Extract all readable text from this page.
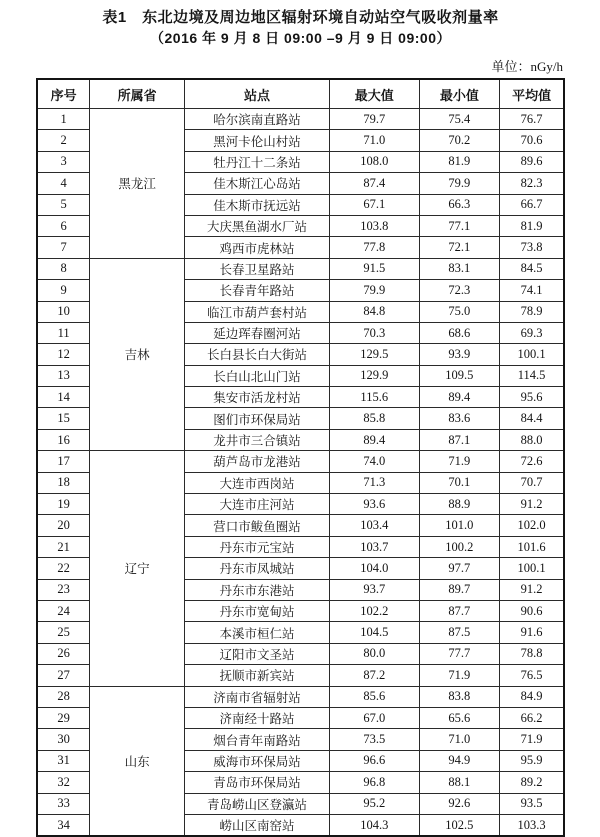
表1　东北边境及周边地区辐射环境自动站空气吸收剂量率
（2016 年 9 月 8 日 09:00 –9 月 9 日 09:00）
单位：nGy/h
序号	所属省	站点	最大值	最小值	平均值
1	黑龙江	哈尔滨南直路站	79.7	75.4	76.7
2		黑河卡伦山村站	71.0	70.2	70.6
3		牡丹江十二条站	108.0	81.9	89.6
4		佳木斯江心岛站	87.4	79.9	82.3
5		佳木斯市抚远站	67.1	66.3	66.7
6		大庆黑鱼湖水厂站	103.8	77.1	81.9
7		鸡西市虎林站	77.8	72.1	73.8
8	吉林	长春卫星路站	91.5	83.1	84.5
9		长春青年路站	79.9	72.3	74.1
10		临江市葫芦套村站	84.8	75.0	78.9
11		延边珲春圈河站	70.3	68.6	69.3
12		长白县长白大街站	129.5	93.9	100.1
13		长白山北山门站	129.9	109.5	114.5
14		集安市活龙村站	115.6	89.4	95.6
15		图们市环保局站	85.8	83.6	84.4
16		龙井市三合镇站	89.4	87.1	88.0
17	辽宁	葫芦岛市龙港站	74.0	71.9	72.6
18		大连市西岗站	71.3	70.1	70.7
19		大连市庄河站	93.6	88.9	91.2
20		营口市鲅鱼圈站	103.4	101.0	102.0
21		丹东市元宝站	103.7	100.2	101.6
22		丹东市凤城站	104.0	97.7	100.1
23		丹东市东港站	93.7	89.7	91.2
24		丹东市宽甸站	102.2	87.7	90.6
25		本溪市桓仁站	104.5	87.5	91.6
26		辽阳市文圣站	80.0	77.7	78.8
27		抚顺市新宾站	87.2	71.9	76.5
28	山东	济南市省辐射站	85.6	83.8	84.9
29		济南经十路站	67.0	65.6	66.2
30		烟台青年南路站	73.5	71.0	71.9
31		威海市环保局站	96.6	94.9	95.9
32		青岛市环保局站	96.8	88.1	89.2
33		青岛崂山区登瀛站	95.2	92.6	93.5
34		崂山区南窑站	104.3	102.5	103.3
